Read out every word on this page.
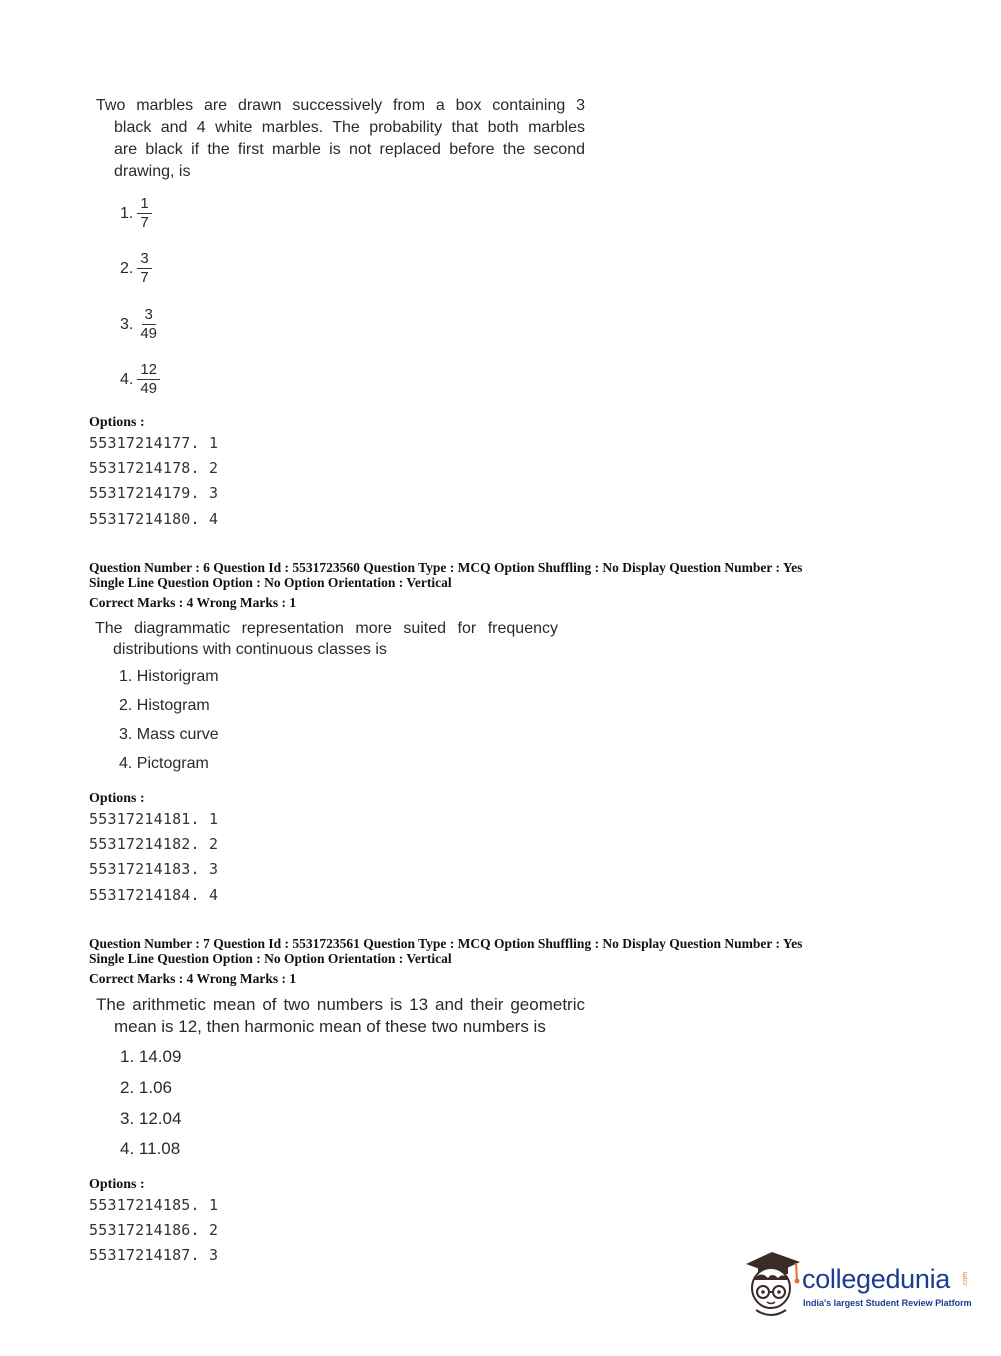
Two marbles are drawn successively from a box containing 3
black and 4 white marbles. The probability that both marbles
are black if the first marble is not replaced before the second
drawing, is
1. $\frac{1}{7}$
2. $\frac{3}{7}$
3. $\frac{3}{49}$
4. $\frac{12}{49}$
Options :
55317214177. 1
55317214178. 2
55317214179. 3
55317214180. 4
Question Number : 6 Question Id : 5531723560 Question Type : MCQ Option Shuffling : No Display Question Number : Yes
Single Line Question Option : No Option Orientation : Vertical
Correct Marks : 4 Wrong Marks : 1
The diagrammatic representation more suited for frequency
distributions with continuous classes is
1. Historigram
2. Histogram
3. Mass curve
4. Pictogram
Options :
55317214181. 1
55317214182. 2
55317214183. 3
55317214184. 4
Question Number : 7 Question Id : 5531723561 Question Type : MCQ Option Shuffling : No Display Question Number : Yes
Single Line Question Option : No Option Orientation : Vertical
Correct Marks : 4 Wrong Marks : 1
The arithmetic mean of two numbers is 13 and their geometric
mean is 12, then harmonic mean of these two numbers is
1. 14.09
2. 1.06
3. 12.04
4. 11.08
Options :
55317214185. 1
55317214186. 2
55317214187. 3
collegedunia .com
India's largest Student Review Platform
